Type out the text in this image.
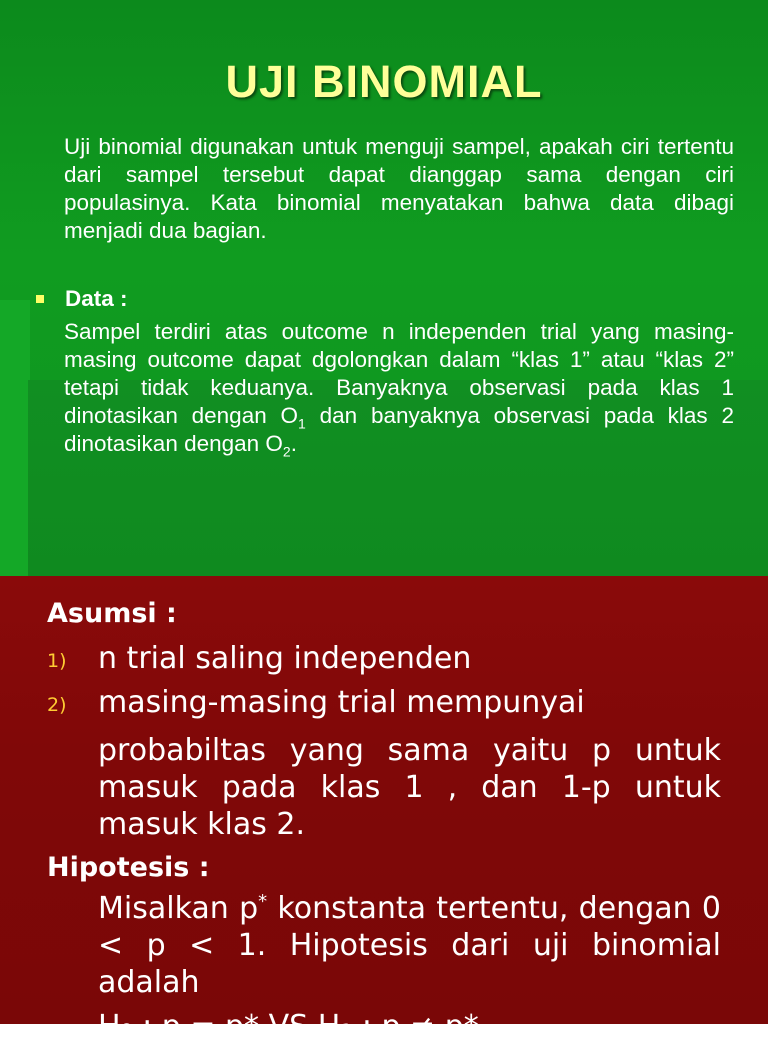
UJI BINOMIAL
Uji binomial digunakan untuk menguji sampel, apakah ciri tertentu dari sampel tersebut dapat dianggap sama dengan ciri populasinya. Kata binomial menyatakan bahwa data dibagi menjadi dua bagian.
Data :
Sampel terdiri atas outcome n independen trial yang masing-masing outcome dapat dgolongkan dalam “klas 1” atau “klas 2” tetapi tidak keduanya. Banyaknya observasi pada klas 1 dinotasikan dengan $O_1$ dan banyaknya observasi pada klas 2 dinotasikan dengan $O_2$.
Asumsi :
1) n trial saling independen
2) masing-masing trial mempunyai
probabiltas yang sama yaitu p untuk masuk pada klas 1 , dan 1-p untuk masuk klas 2.
Hipotesis :
Misalkan p* konstanta tertentu, dengan 0 < p < 1. Hipotesis dari uji binomial adalah
H₀ : p = p* VS H₁ : p ≠ p*
